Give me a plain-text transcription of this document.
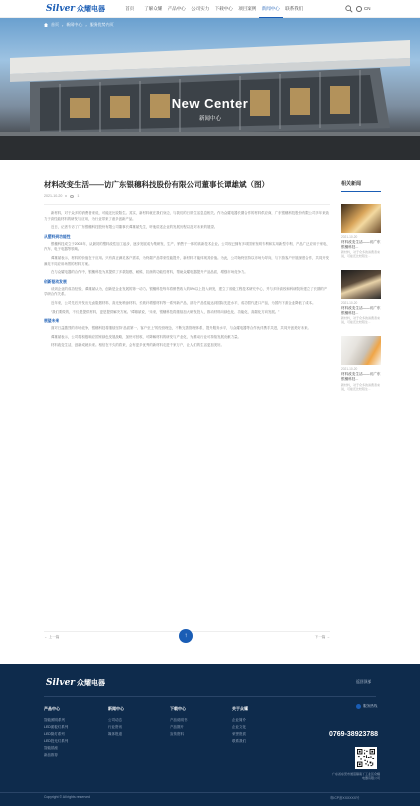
Silver 众耀电器	首页	了解众耀	产品中心	公司实力	下载中心	项目案例	新闻中心	联系我们	CN
首页 › 新闻中心 › 服务优势内页
New Center
新闻中心
材料改变生活——访广东银穗科技股份有限公司董事长谭雄斌（图）
2021-10-20	1

新材料，对于众多的消费者来说，可能还比较陌生。其实，新材料就在我们身边，与我们的日常生活息息相关。作为众耀电器长期合作的材料供应商，广东银穗科技股份有限公司多年来致力于高性能材料的研发与应用，为行业带来了诸多创新产品。

近日，记者专访了广东银穗科技股份有限公司董事长谭雄斌先生，听他讲述企业的发展历程以及对未来的展望。

从塑料到功能性

银穗科技成立于2003年，从最初的塑料改性加工起步，逐步发展成为集研发、生产、销售于一体的高新技术企业。公司现已拥有多项国家发明专利和实用新型专利，产品广泛应用于家电、汽车、电子电器等领域。

谭雄斌表示，材料的价值在于应用。只有真正满足客户需求，为终端产品带来性能提升，新材料才能体现其价值。为此，公司始终坚持以市场为导向，与下游客户开展深度合作，共同开发满足不同应用场景的材料方案。

在与众耀电器的合作中，银穗科技为其提供了多款阻燃、耐候、抗菌的功能性材料，帮助众耀电器提升产品品质，增强市场竞争力。

创新驱动发展

谈到企业的成功经验，谭雄斌认为，创新是企业发展的第一动力。银穗科技每年将销售收入的5%以上投入研发，建立了省级工程技术研究中心，并与多所高校和科研院所建立了长期的产学研合作关系。

近年来，公司先后开发出无卤阻燃材料、高光免喷涂材料、长玻纤增强材料等一系列新产品，部分产品性能达到国际先进水平，成功替代进口产品，为国内下游企业降低了成本。

“我们要做的，不仅是提供材料，更是提供解决方案。”谭雄斌说，“未来，银穗科技将继续加大研发投入，推动材料向绿色化、功能化、高端化方向发展。”

展望未来

面对日益激烈的市场竞争，银穗科技将继续坚持“品质第一、客户至上”的经营理念，不断完善管理体系，提升服务水平，与众耀电器等合作伙伴携手共进，共同开创美好未来。

谭雄斌表示，公司将积极响应国家绿色发展战略，加快可回收、可降解材料的研发与产业化，为推动行业可持续发展贡献力量。

材料改变生活，创新成就未来。相信在不久的将来，会有更多优秀的新材料走进千家万户，让人们的生活更加美好。

← 上一篇	↑	下一篇 →
相关新闻
2021-10-20
材料改变生活——访广东银穗科技...
新材料，对于众多的消费者来说，可能还比较陌生...
2021-10-20
材料改变生活——访广东银穗科技...
新材料，对于众多的消费者来说，可能还比较陌生...
2021-10-20
材料改变生活——访广东银穗科技...
新材料，对于众多的消费者来说，可能还比较陌生...
Silver 众耀电器	返回顶部
产品中心
智能照明系列
LED面板灯系列
LED筒灯系列
LED投光灯系列
智能插座
新品推荐
新闻中心
公司动态
行业资讯
媒体报道
下载中心
产品说明书
产品图片
宣传资料
关于众耀
企业简介
企业文化
荣誉资质
联系我们
服务热线
0769-38923788
广东省东莞市道滘镇南丫工业区众耀电器有限公司
Copyright © All rights reserved	粤ICP备XXXXXX号
